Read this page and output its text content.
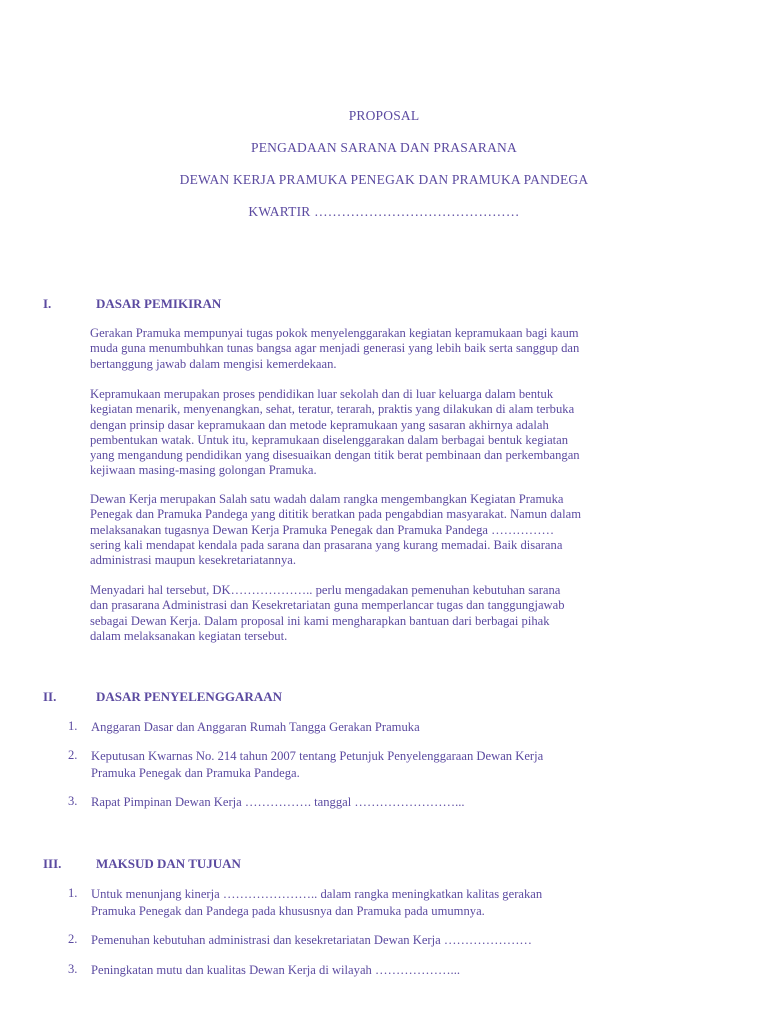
PROPOSAL
PENGADAAN SARANA DAN PRASARANA
DEWAN KERJA PRAMUKA PENEGAK DAN PRAMUKA PANDEGA
KWARTIR ………………………………………
I.	DASAR PEMIKIRAN
Gerakan Pramuka mempunyai tugas pokok menyelenggarakan kegiatan kepramukaan bagi kaum
muda guna menumbuhkan tunas bangsa agar menjadi generasi yang lebih baik serta sanggup dan
bertanggung jawab dalam mengisi kemerdekaan.
Kepramukaan merupakan proses pendidikan luar sekolah dan di luar keluarga dalam bentuk
kegiatan menarik, menyenangkan, sehat, teratur, terarah, praktis yang dilakukan di alam terbuka
dengan prinsip dasar kepramukaan dan metode kepramukaan yang sasaran akhirnya adalah
pembentukan watak. Untuk itu, kepramukaan diselenggarakan dalam berbagai bentuk kegiatan
yang mengandung pendidikan yang disesuaikan dengan titik berat pembinaan dan perkembangan
kejiwaan masing-masing golongan Pramuka.
Dewan Kerja merupakan Salah satu wadah dalam rangka mengembangkan Kegiatan Pramuka
Penegak dan Pramuka Pandega yang dititik beratkan pada pengabdian masyarakat. Namun dalam
melaksanakan tugasnya Dewan Kerja Pramuka Penegak dan Pramuka Pandega ……………
sering kali mendapat kendala pada sarana dan prasarana yang kurang memadai. Baik disarana
administrasi maupun kesekretariatannya.
Menyadari hal tersebut, DK……………….. perlu mengadakan pemenuhan kebutuhan sarana
dan prasarana Administrasi dan Kesekretariatan guna memperlancar tugas dan tanggungjawab
sebagai Dewan Kerja. Dalam proposal ini kami mengharapkan bantuan dari berbagai pihak
dalam melaksanakan kegiatan tersebut.
II.	DASAR PENYELENGGARAAN
1. Anggaran Dasar dan Anggaran Rumah Tangga Gerakan Pramuka
2. Keputusan Kwarnas No. 214 tahun 2007 tentang Petunjuk Penyelenggaraan Dewan Kerja
Pramuka Penegak dan Pramuka Pandega.
3. Rapat Pimpinan Dewan Kerja ……………. tanggal ……………………...
III.	MAKSUD DAN TUJUAN
1. Untuk menunjang kinerja ………………….. dalam rangka meningkatkan kalitas gerakan
Pramuka Penegak dan Pandega pada khususnya dan Pramuka pada umumnya.
2. Pemenuhan kebutuhan administrasi dan kesekretariatan Dewan Kerja …………………
3. Peningkatan mutu dan kualitas Dewan Kerja di wilayah ………………...
